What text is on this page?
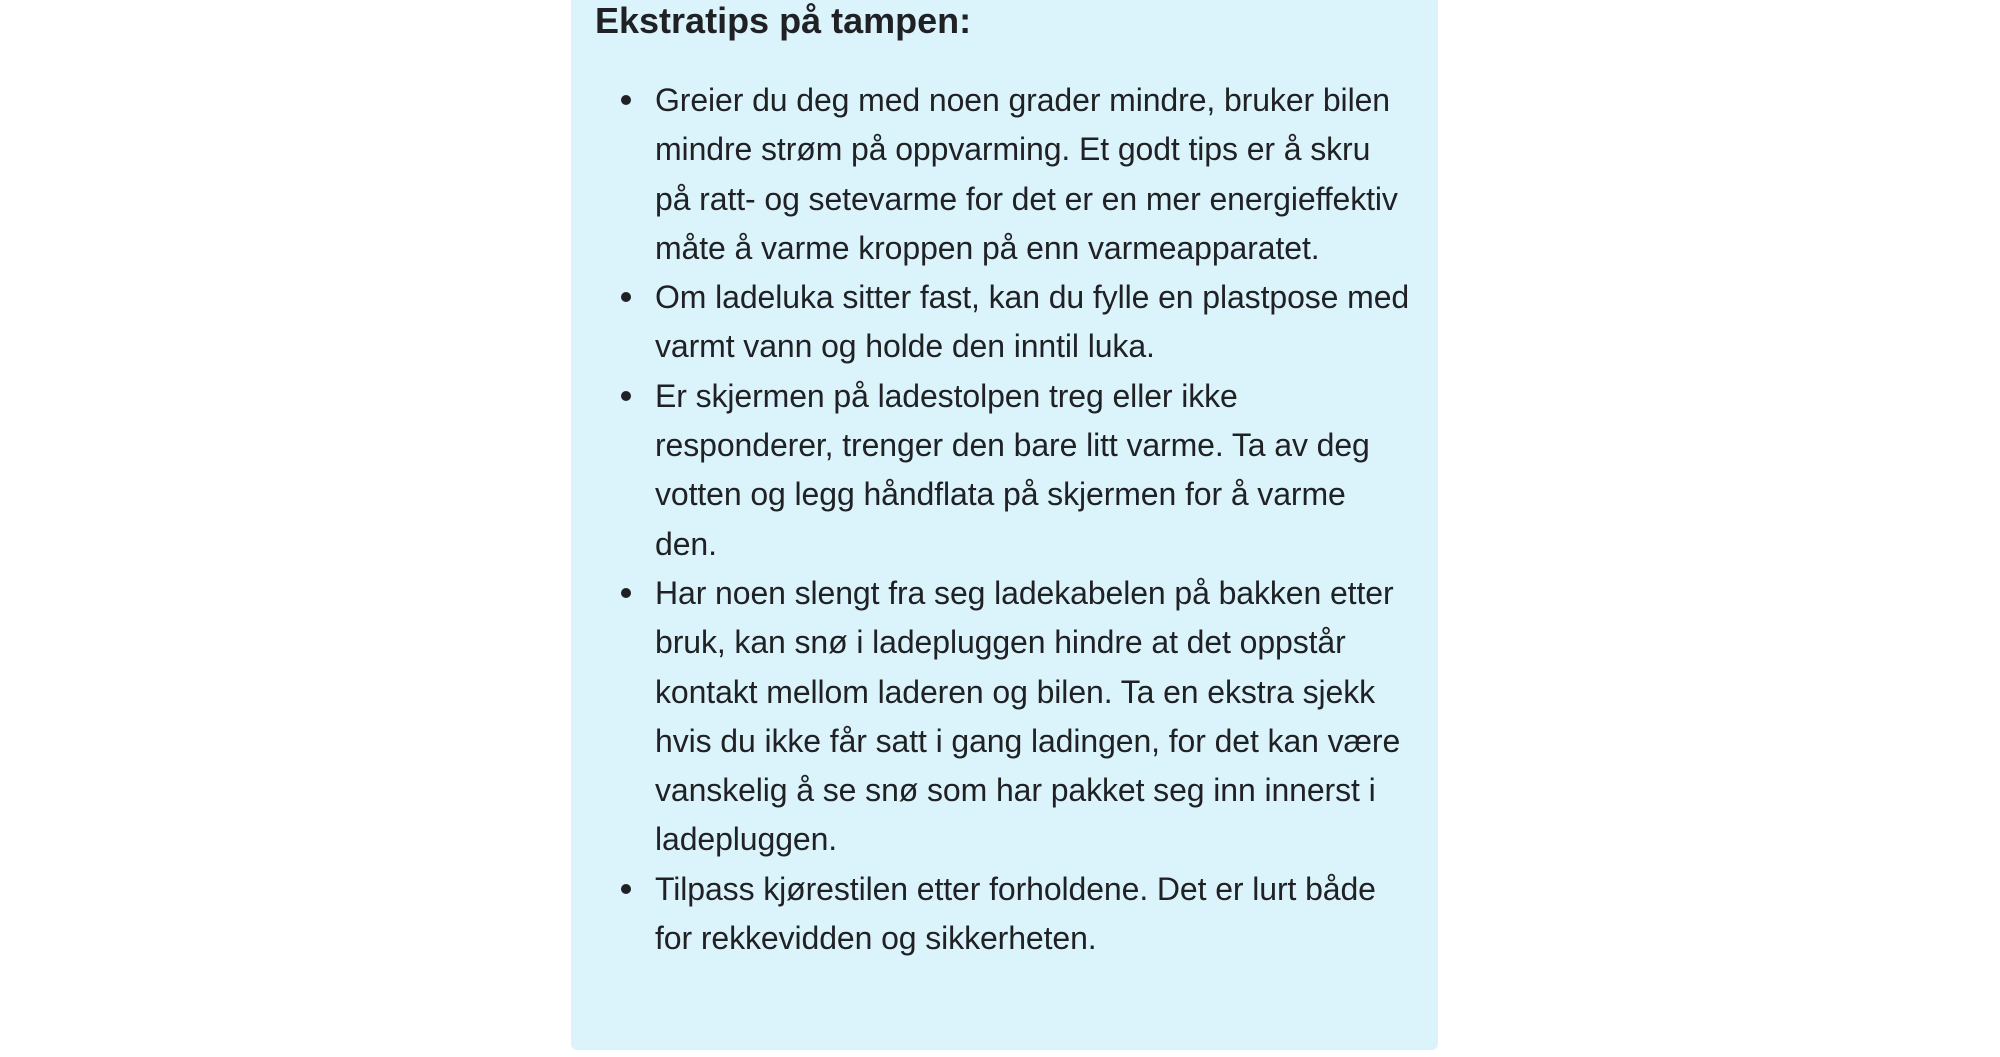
Ekstratips på tampen:
Greier du deg med noen grader mindre, bruker bilen mindre strøm på oppvarming. Et godt tips er å skru på ratt- og setevarme for det er en mer energieffektiv måte å varme kroppen på enn varmeapparatet.
Om ladeluka sitter fast, kan du fylle en plastpose med varmt vann og holde den inntil luka.
Er skjermen på ladestolpen treg eller ikke responderer, trenger den bare litt varme. Ta av deg votten og legg håndflata på skjermen for å varme den.
Har noen slengt fra seg ladekabelen på bakken etter bruk, kan snø i ladepluggen hindre at det oppstår kontakt mellom laderen og bilen. Ta en ekstra sjekk hvis du ikke får satt i gang ladingen, for det kan være vanskelig å se snø som har pakket seg inn innerst i ladepluggen.
Tilpass kjørestilen etter forholdene. Det er lurt både for rekkevidden og sikkerheten.
